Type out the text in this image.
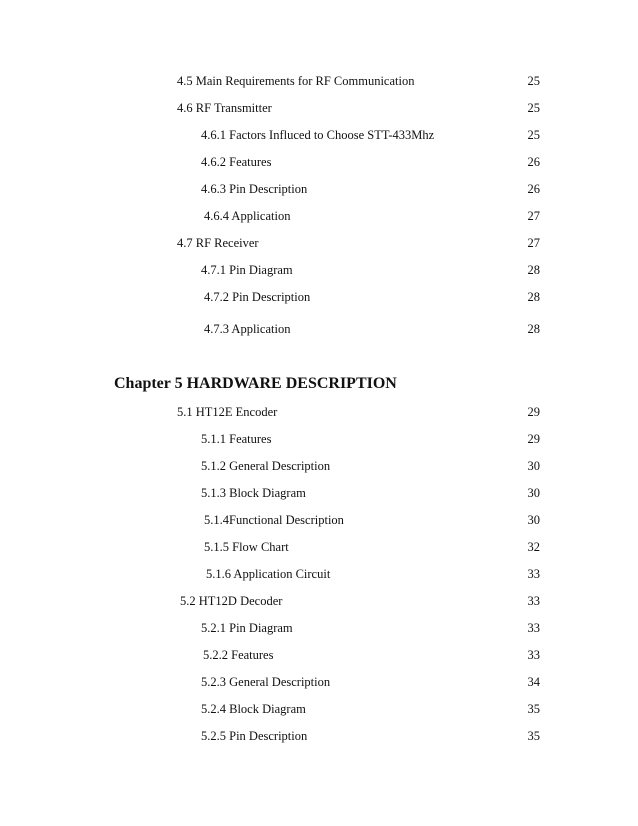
4.5 Main Requirements for RF Communication	25
4.6 RF Transmitter	25
4.6.1 Factors Influced to Choose STT-433Mhz	25
4.6.2 Features	26
4.6.3 Pin Description	26
4.6.4 Application	27
4.7 RF Receiver	27
4.7.1 Pin Diagram	28
4.7.2 Pin Description	28
4.7.3 Application	28
Chapter 5 HARDWARE DESCRIPTION
5.1 HT12E Encoder	29
5.1.1 Features	29
5.1.2 General Description	30
5.1.3 Block Diagram	30
5.1.4Functional Description	30
5.1.5 Flow Chart	32
5.1.6 Application Circuit	33
5.2 HT12D Decoder	33
5.2.1 Pin Diagram	33
5.2.2 Features	33
5.2.3 General Description	34
5.2.4 Block Diagram	35
5.2.5 Pin Description	35
